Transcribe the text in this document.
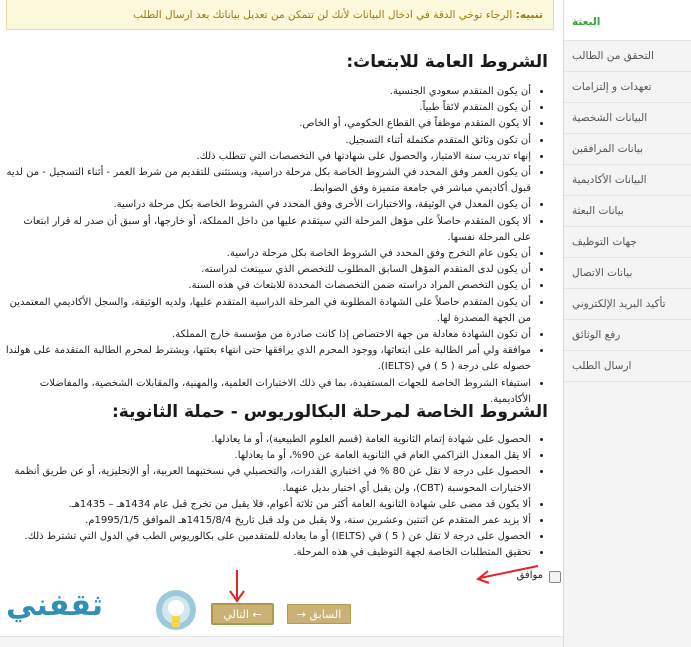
تنبيه: الرجاء توخي الدقة في ادخال البيانات لأنك لن تتمكن من تعديل بياناتك بعد ارسال الطلب
الشروط العامة للابتعاث:
• أن يكون المتقدم سعودي الجنسية.
• أن يكون المتقدم لائقاً طبياً.
• ألا يكون المتقدم موظفاً في القطاع الحكومي، أو الخاص.
• أن تكون وثائق المتقدم مكتملة أثناء التسجيل.
• إنهاء تدريب سنة الامتياز، والحصول على شهادتها في التخصصات التي تتطلب ذلك.
• أن يكون العمر وفق المحدد في الشروط الخاصة بكل مرحلة دراسية، ويستثنى للتقديم من شرط العمر - أثناء التسجيل - من لديه قبول أكاديمي مباشر في جامعة متميزة وفق الضوابط.
• أن يكون المعدل في الوثيقة، والاختبارات الأخرى وفق المحدد في الشروط الخاصة بكل مرحلة دراسية.
• ألا يكون المتقدم حاصلاً على مؤهل المرحلة التي سيتقدم عليها من داخل المملكة، أو خارجها، أو سبق أن صدر له قرار ابتعاث على المرحلة نفسها.
• أن يكون عام التخرج وفق المحدد في الشروط الخاصة بكل مرحلة دراسية.
• أن يكون لدى المتقدم المؤهل السابق المطلوب للتخصص الذي سيبتعث لدراسته.
• أن يكون التخصص المراد دراسته ضمن التخصصات المحددة للابتعاث في هذه السنة.
• أن يكون المتقدم حاصلاً على الشهادة المطلوبة في المرحلة الدراسية المتقدم عليها، ولديه الوثيقة، والسجل الأكاديمي المعتمدين من الجهة المصدرة لها.
• أن تكون الشهادة معادلة من جهة الاختصاص إذا كانت صادرة من مؤسسة خارج المملكة.
• موافقة ولي أمر الطالبة على ابتعاثها، ووجود المحرم الذي يرافقها حتى انتهاء بعثتها، ويشترط لمحرم الطالبة المتقدمة على هولندا حصوله على درجة ( 5 ) في (IELTS).
• استيفاء الشروط الخاصة للجهات المستفيدة، بما في ذلك الاختبارات العلمية، والمهنية، والمقابلات الشخصية، والمفاضلات الأكاديمية.
الشروط الخاصة لمرحلة البكالوريوس - حملة الثانوية:
• الحصول على شهادة إتمام الثانوية العامة (قسم العلوم الطبيعية)، أو ما يعادلها.
• ألا يقل المعدل التراكمي العام في الثانوية العامة عن 90%، أو ما يعادلها.
• الحصول على درجة لا تقل عن 80 % في اختباري القدرات، والتحصيلي في نسختيهما العربية، أو الإنجليزية، أو عن طريق أنظمة الاختبارات المحوسبة (CBT)، ولن يقبل أي اختبار بديل عنهما.
• ألا يكون قد مضى على شهادة الثانوية العامة أكثر من ثلاثة أعوام، فلا يقبل من تخرج قبل عام 1434هـ – 1435هـ.
• ألا يزيد عمر المتقدم عن اثنتين وعشرين سنة، ولا يقبل من ولد قبل تاريخ 1415/8/4هـ الموافق 1995/1/5م.
• الحصول على درجة لا تقل عن ( 5 ) في (IELTS) أو ما يعادله للمتقدمين على بكالوريوس الطب في الدول التي تشترط ذلك.
• تحقيق المتطلبات الخاصة لجهة التوظيف في هذه المرحلة.
موافق
التالي ←	→ السابق
ثقفني
البعثة
التحقق من الطالب
تعهدات و إلتزامات
البيانات الشخصية
بيانات المرافقين
البيانات الأكاديمية
بيانات البعثة
جهات التوظيف
بيانات الاتصال
تأكيد البريد الإلكتروني
رفع الوثائق
ارسال الطلب
